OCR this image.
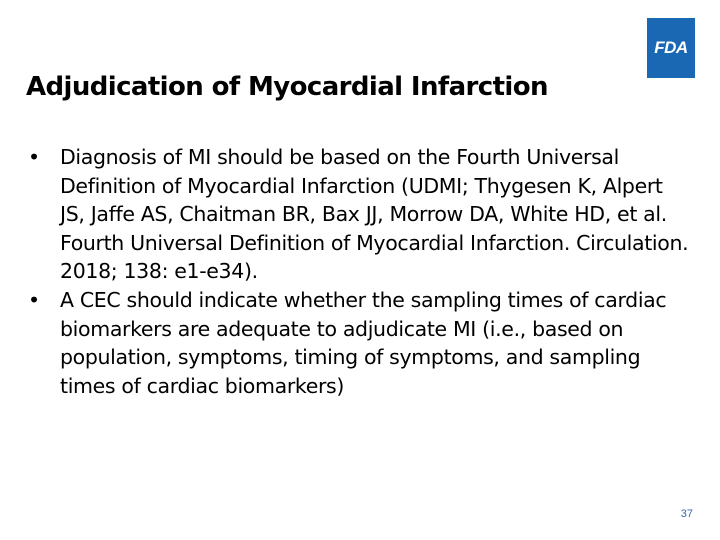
FDA
Adjudication of Myocardial Infarction
• Diagnosis of MI should be based on the Fourth Universal Definition of Myocardial Infarction (UDMI; Thygesen K, Alpert JS, Jaffe AS, Chaitman BR, Bax JJ, Morrow DA, White HD, et al. Fourth Universal Definition of Myocardial Infarction. Circulation. 2018; 138: e1-e34).
• A CEC should indicate whether the sampling times of cardiac biomarkers are adequate to adjudicate MI (i.e., based on population, symptoms, timing of symptoms, and sampling times of cardiac biomarkers)
37
